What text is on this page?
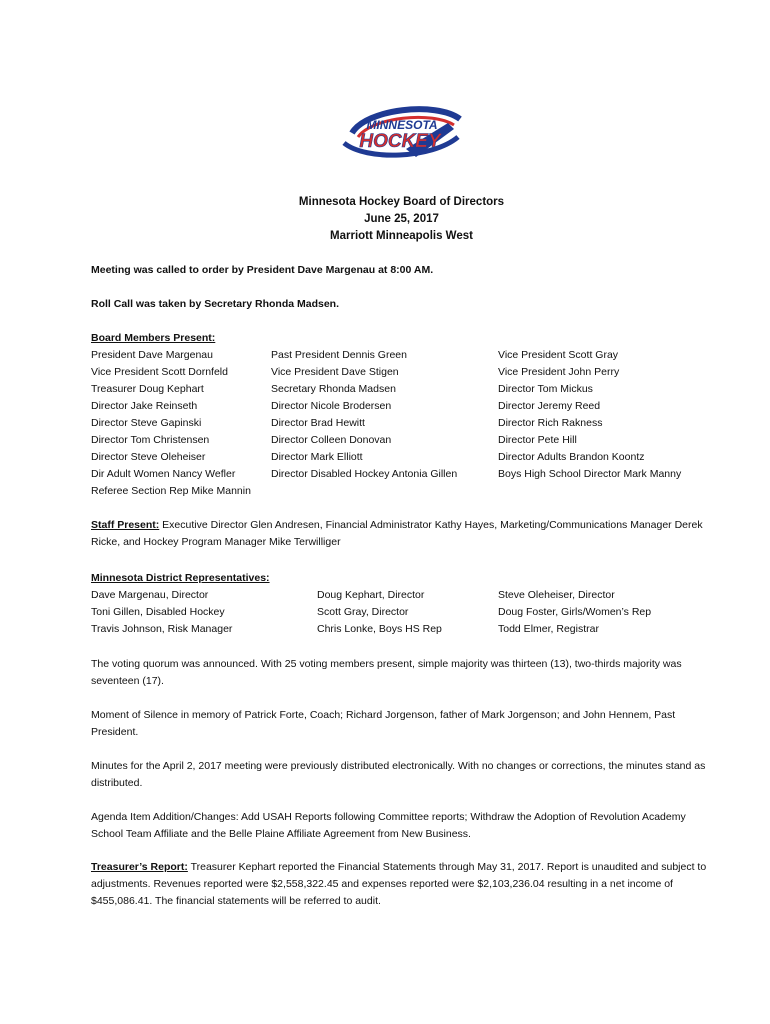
MINNESOTA
HOCKEY
Minnesota Hockey Board of Directors
June 25, 2017
Marriott Minneapolis West
Meeting was called to order by President Dave Margenau at 8:00 AM.
Roll Call was taken by Secretary Rhonda Madsen.
Board Members Present:
President Dave Margenau
Vice President Scott Dornfeld
Treasurer Doug Kephart
Director Jake Reinseth
Director Steve Gapinski
Director Tom Christensen
Director Steve Oleheiser
Dir Adult Women Nancy Wefler
Referee Section Rep Mike Mannin
Past President Dennis Green
Vice President Dave Stigen
Secretary Rhonda Madsen
Director Nicole Brodersen
Director Brad Hewitt
Director Colleen Donovan
Director Mark Elliott
Director Disabled Hockey Antonia Gillen
Vice President Scott Gray
Vice President John Perry
Director Tom Mickus
Director Jeremy Reed
Director Rich Rakness
Director Pete Hill
Director Adults Brandon Koontz
Boys High School Director Mark Manny
Staff Present: Executive Director Glen Andresen, Financial Administrator Kathy Hayes, Marketing/Communications Manager Derek Ricke, and Hockey Program Manager Mike Terwilliger
Minnesota District Representatives:
Dave Margenau, Director
Toni Gillen, Disabled Hockey
Travis Johnson, Risk Manager
Doug Kephart, Director
Scott Gray, Director
Chris Lonke, Boys HS Rep
Steve Oleheiser, Director
Doug Foster, Girls/Women’s Rep
Todd Elmer, Registrar
The voting quorum was announced. With 25 voting members present, simple majority was thirteen (13), two-thirds majority was seventeen (17).
Moment of Silence in memory of Patrick Forte, Coach; Richard Jorgenson, father of Mark Jorgenson; and John Hennem, Past President.
Minutes for the April 2, 2017 meeting were previously distributed electronically. With no changes or corrections, the minutes stand as distributed.
Agenda Item Addition/Changes: Add USAH Reports following Committee reports; Withdraw the Adoption of Revolution Academy School Team Affiliate and the Belle Plaine Affiliate Agreement from New Business.
Treasurer’s Report: Treasurer Kephart reported the Financial Statements through May 31, 2017. Report is unaudited and subject to adjustments. Revenues reported were $2,558,322.45 and expenses reported were $2,103,236.04 resulting in a net income of $455,086.41. The financial statements will be referred to audit.
